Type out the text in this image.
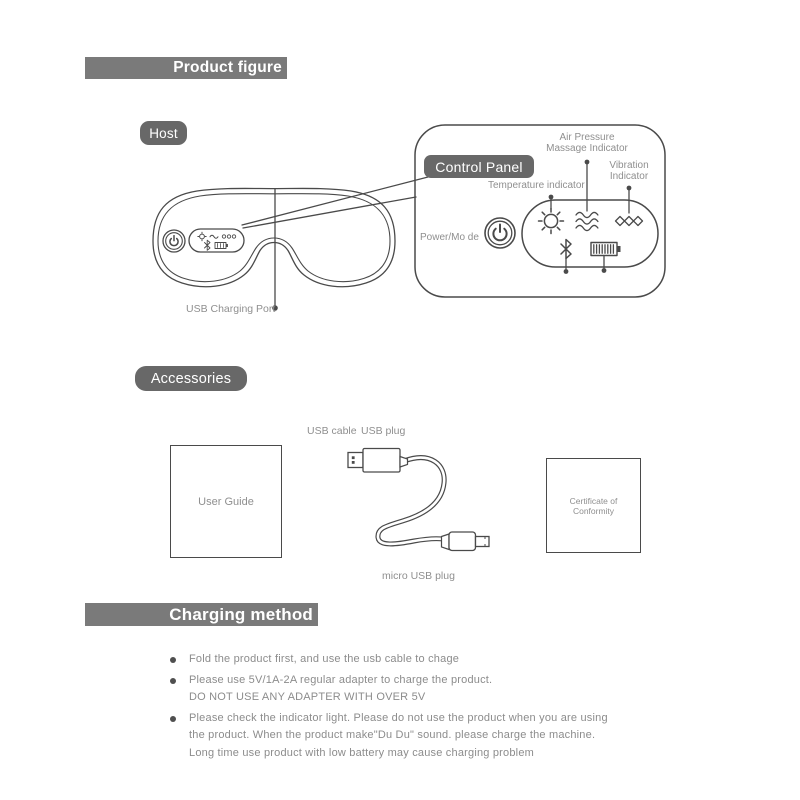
Product figure
Host
Control Panel
Air Pressure
Massage Indicator
Vibration
Indicator
Temperature indicator
Power/Mo de
USB Charging Port
Accessories
USB cable USB plug
User Guide	Certificate of Conformity
micro USB plug
Charging method
Fold the product first, and use the usb cable to chage
Please use 5V/1A-2A regular adapter to charge the product.
DO NOT USE ANY ADAPTER WITH OVER 5V
Please check the indicator light. Please do not use the product when you are using
the product. When the product make"Du Du" sound. please charge the machine.
Long time use product with low battery may cause charging problem
